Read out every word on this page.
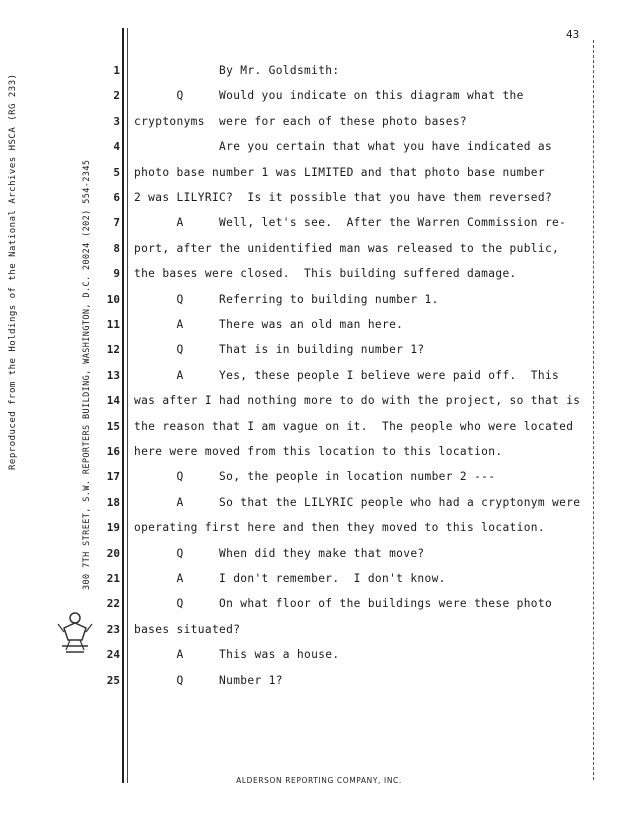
43
Reproduced from the Holdings of the National Archives HSCA (RG 233)	300 7TH STREET, S.W. REPORTERS BUILDING, WASHINGTON, D.C. 20024 (202) 554-2345
1 By Mr. Goldsmith:
2 Q     Would you indicate on this diagram what the
3 cryptonyms  were for each of these photo bases?
4 Are you certain that what you have indicated as
5 photo base number 1 was LIMITED and that photo base number
6 2 was LILYRIC?  Is it possible that you have them reversed?
7 A     Well, let's see.  After the Warren Commission re-
8 port, after the unidentified man was released to the public,
9 the bases were closed.  This building suffered damage.
10 Q     Referring to building number 1.
11 A     There was an old man here.
12 Q     That is in building number 1?
13 A     Yes, these people I believe were paid off.  This
14 was after I had nothing more to do with the project, so that is
15 the reason that I am vague on it.  The people who were located
16 here were moved from this location to this location.
17 Q     So, the people in location number 2 ---
18 A     So that the LILYRIC people who had a cryptonym were
19 operating first here and then they moved to this location.
20 Q     When did they make that move?
21 A     I don't remember.  I don't know.
22 Q     On what floor of the buildings were these photo
23 bases situated?
24 A     This was a house.
25 Q     Number 1?
ALDERSON REPORTING COMPANY, INC.
